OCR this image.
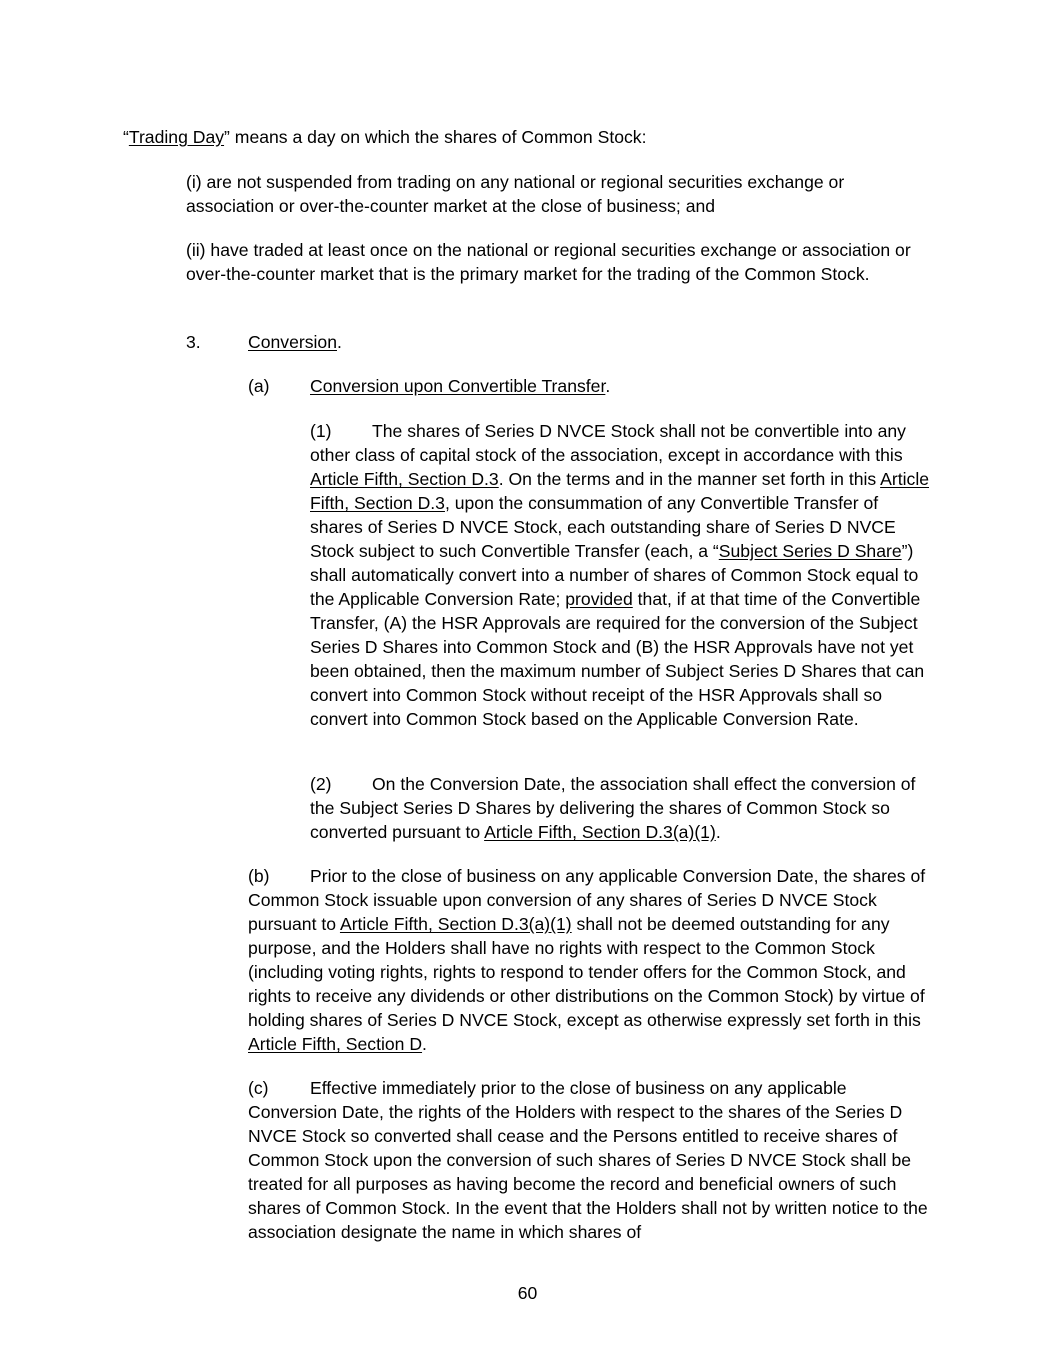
“Trading Day” means a day on which the shares of Common Stock:

(i) are not suspended from trading on any national or regional securities exchange or association or over-the-counter market at the close of business; and

(ii) have traded at least once on the national or regional securities exchange or association or over-the-counter market that is the primary market for the trading of the Common Stock.

3.	Conversion.

(a) Conversion upon Convertible Transfer.

(1) The shares of Series D NVCE Stock shall not be convertible into any other class of capital stock of the association, except in accordance with this Article Fifth, Section D.3. On the terms and in the manner set forth in this Article Fifth, Section D.3, upon the consummation of any Convertible Transfer of shares of Series D NVCE Stock, each outstanding share of Series D NVCE Stock subject to such Convertible Transfer (each, a “Subject Series D Share”) shall automatically convert into a number of shares of Common Stock equal to the Applicable Conversion Rate; provided that, if at that time of the Convertible Transfer, (A) the HSR Approvals are required for the conversion of the Subject Series D Shares into Common Stock and (B) the HSR Approvals have not yet been obtained, then the maximum number of Subject Series D Shares that can convert into Common Stock without receipt of the HSR Approvals shall so convert into Common Stock based on the Applicable Conversion Rate.

(2) On the Conversion Date, the association shall effect the conversion of the Subject Series D Shares by delivering the shares of Common Stock so converted pursuant to Article Fifth, Section D.3(a)(1).

(b) Prior to the close of business on any applicable Conversion Date, the shares of Common Stock issuable upon conversion of any shares of Series D NVCE Stock pursuant to Article Fifth, Section D.3(a)(1) shall not be deemed outstanding for any purpose, and the Holders shall have no rights with respect to the Common Stock (including voting rights, rights to respond to tender offers for the Common Stock, and rights to receive any dividends or other distributions on the Common Stock) by virtue of holding shares of Series D NVCE Stock, except as otherwise expressly set forth in this Article Fifth, Section D.

(c) Effective immediately prior to the close of business on any applicable Conversion Date, the rights of the Holders with respect to the shares of the Series D NVCE Stock so converted shall cease and the Persons entitled to receive shares of Common Stock upon the conversion of such shares of Series D NVCE Stock shall be treated for all purposes as having become the record and beneficial owners of such shares of Common Stock. In the event that the Holders shall not by written notice to the association designate the name in which shares of

60
